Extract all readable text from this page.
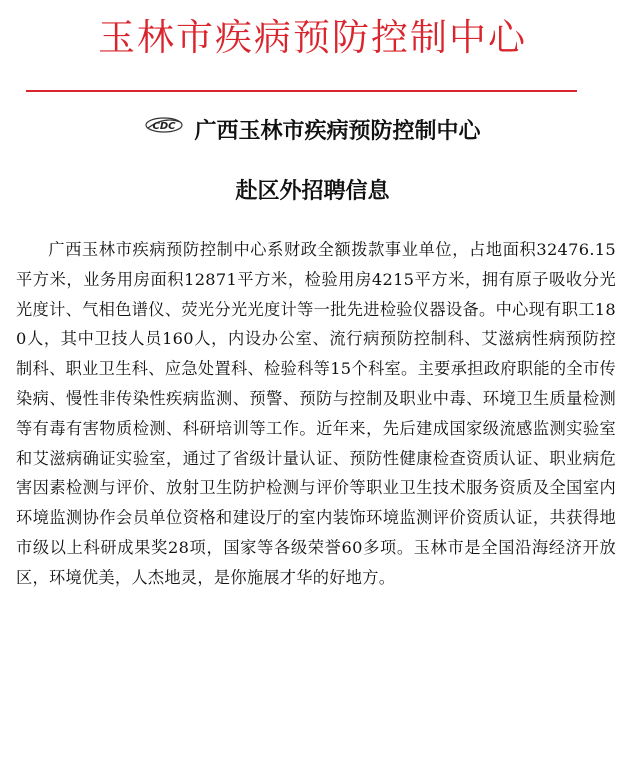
玉林市疾病预防控制中心
CDC 广西玉林市疾病预防控制中心
赴区外招聘信息

广西玉林市疾病预防控制中心系财政全额拨款事业单位，占地面积32476.15平方米，业务用房面积12871平方米，检验用房4215平方米，拥有原子吸收分光光度计、气相色谱仪、荧光分光光度计等一批先进检验仪器设备。中心现有职工180人，其中卫技人员160人，内设办公室、流行病预防控制科、艾滋病性病预防控制科、职业卫生科、应急处置科、检验科等15个科室。主要承担政府职能的全市传染病、慢性非传染性疾病监测、预警、预防与控制及职业中毒、环境卫生质量检测等有毒有害物质检测、科研培训等工作。近年来，先后建成国家级流感监测实验室和艾滋病确证实验室，通过了省级计量认证、预防性健康检查资质认证、职业病危害因素检测与评价、放射卫生防护检测与评价等职业卫生技术服务资质及全国室内环境监测协作会员单位资格和建设厅的室内装饰环境监测评价资质认证，共获得地市级以上科研成果奖28项，国家等各级荣誉60多项。玉林市是全国沿海经济开放区，环境优美，人杰地灵，是你施展才华的好地方。
